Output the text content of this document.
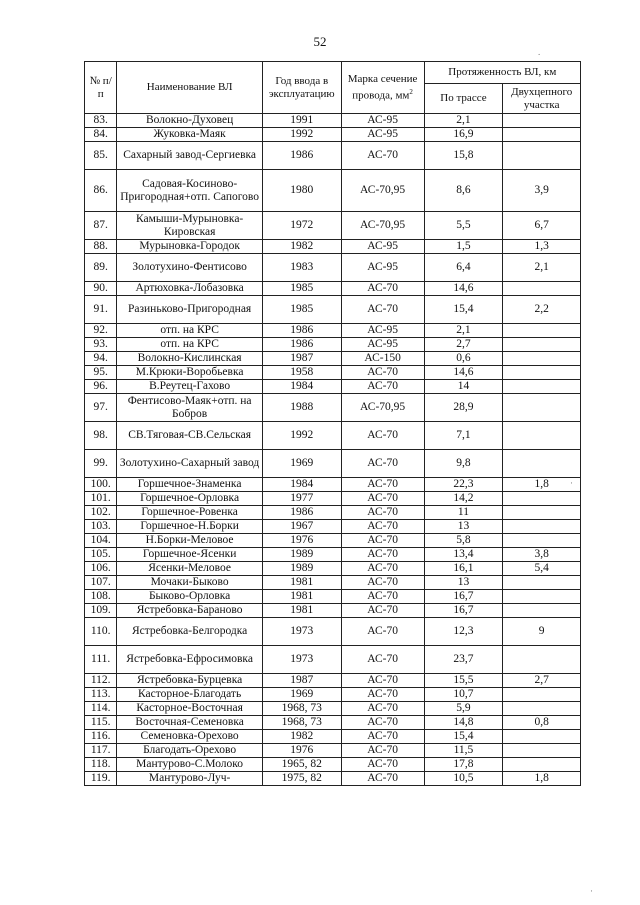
52
№ п/п	Наименование ВЛ	Год ввода в эксплуатацию	Марка сечение провода, $мм^2$	Протяженность ВЛ, км	
				По трассе	Двухцепного участка
83.	Волокно-Духовец	1991	АС-95	2,1	
84.	Жуковка-Маяк	1992	АС-95	16,9	
85.	Сахарный завод-Сергиевка	1986	АС-70	15,8	
86.	Садовая-Косиново-Пригородная+отп. Сапогово	1980	АС-70,95	8,6	3,9
87.	Камыши-Мурыновка-Кировская	1972	АС-70,95	5,5	6,7
88.	Мурыновка-Городок	1982	АС-95	1,5	1,3
89.	Золотухино-Фентисово	1983	АС-95	6,4	2,1
90.	Артюховка-Лобазовка	1985	АС-70	14,6	
91.	Разиньково-Пригородная	1985	АС-70	15,4	2,2
92.	отп. на КРС	1986	АС-95	2,1	
93.	отп. на КРС	1986	АС-95	2,7	
94.	Волокно-Кислинская	1987	АС-150	0,6	
95.	М.Крюки-Воробьевка	1958	АС-70	14,6	
96.	В.Реутец-Гахово	1984	АС-70	14	
97.	Фентисово-Маяк+отп. на Бобров	1988	АС-70,95	28,9	
98.	СВ.Тяговая-СВ.Сельская	1992	АС-70	7,1	
99.	Золотухино-Сахарный завод	1969	АС-70	9,8	
100.	Горшечное-Знаменка	1984	АС-70	22,3	1,8
101.	Горшечное-Орловка	1977	АС-70	14,2	
102.	Горшечное-Ровенка	1986	АС-70	11	
103.	Горшечное-Н.Борки	1967	АС-70	13	
104.	Н.Борки-Меловое	1976	АС-70	5,8	
105.	Горшечное-Ясенки	1989	АС-70	13,4	3,8
106.	Ясенки-Меловое	1989	АС-70	16,1	5,4
107.	Мочаки-Быково	1981	АС-70	13	
108.	Быково-Орловка	1981	АС-70	16,7	
109.	Ястребовка-Бараново	1981	АС-70	16,7	
110.	Ястребовка-Белгородка	1973	АС-70	12,3	9
111.	Ястребовка-Ефросимовка	1973	АС-70	23,7	
112.	Ястребовка-Бурцевка	1987	АС-70	15,5	2,7
113.	Касторное-Благодать	1969	АС-70	10,7	
114.	Касторное-Восточная	1968, 73	АС-70	5,9	
115.	Восточная-Семеновка	1968, 73	АС-70	14,8	0,8
116.	Семеновка-Орехово	1982	АС-70	15,4	
117.	Благодать-Орехово	1976	АС-70	11,5	
118.	Мантурово-С.Молоко	1965, 82	АС-70	17,8	
119.	Мантурово-Луч-	1975, 82	АС-70	10,5	1,8
.
·
·
